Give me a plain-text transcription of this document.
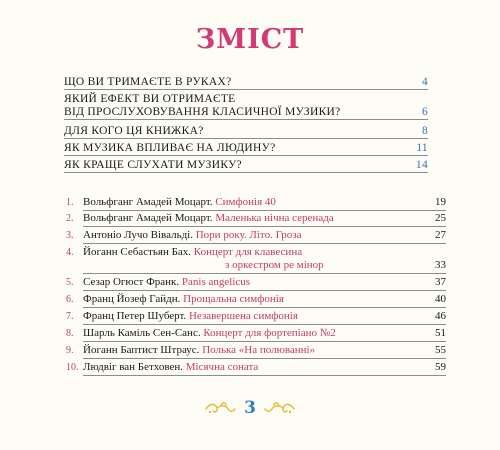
ЗМІСТ
ЩО ВИ ТРИМАЄТЕ В РУКАХ?	4
ЯКИЙ ЕФЕКТ ВИ ОТРИМАЄТЕ
ВІД ПРОСЛУХОВУВАННЯ КЛАСИЧНОЇ МУЗИКИ?	6
ДЛЯ КОГО ЦЯ КНИЖКА?	8
ЯК МУЗИКА ВПЛИВАЄ НА ЛЮДИНУ?	11
ЯК КРАЩЕ СЛУХАТИ МУЗИКУ?	14
1. Вольфганг Амадей Моцарт. Симфонія 40	19
2. Вольфганг Амадей Моцарт. Маленька нічна серенада	25
3. Антоніо Лучо Вівальді. Пори року. Літо. Гроза	27
4. Йоганн Себастьян Бах. Концерт для клавесина
з оркестром ре мінор	33
5. Сезар Огюст Франк. Panis angelicus	37
6. Франц Йозеф Гайдн. Прощальна симфонія	40
7. Франц Петер Шуберт. Незавершена симфонія	46
8. Шарль Каміль Сен-Санс. Концерт для фортепіано №2	51
9. Йоганн Баптист Штраус. Полька «На полюванні»	55
10. Людвіг ван Бетховен. Місячна соната	59
3
